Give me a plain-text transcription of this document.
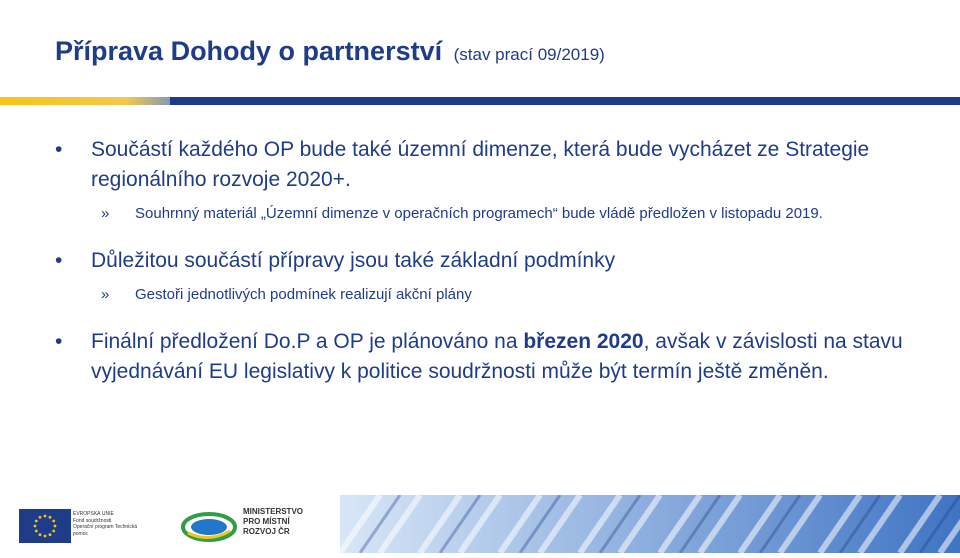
Příprava Dohody o partnerství (stav prací 09/2019)
• Součástí každého OP bude také územní dimenze, která bude vycházet ze Strategie regionálního rozvoje 2020+.
» Souhrnný materiál „Územní dimenze v operačních programech“ bude vládě předložen v listopadu 2019.
• Důležitou součástí přípravy jsou také základní podmínky
» Gestoři jednotlivých podmínek realizují akční plány
• Finální předložení Do.P a OP je plánováno na březen 2020, avšak v závislosti na stavu vyjednávání EU legislativy k politice soudržnosti může být termín ještě změněn.
EVROPSKÁ UNIE
Fond soudržnosti
Operační program Technická pomoc
MINISTERSTVO
PRO MÍSTNÍ
ROZVOJ ČR
